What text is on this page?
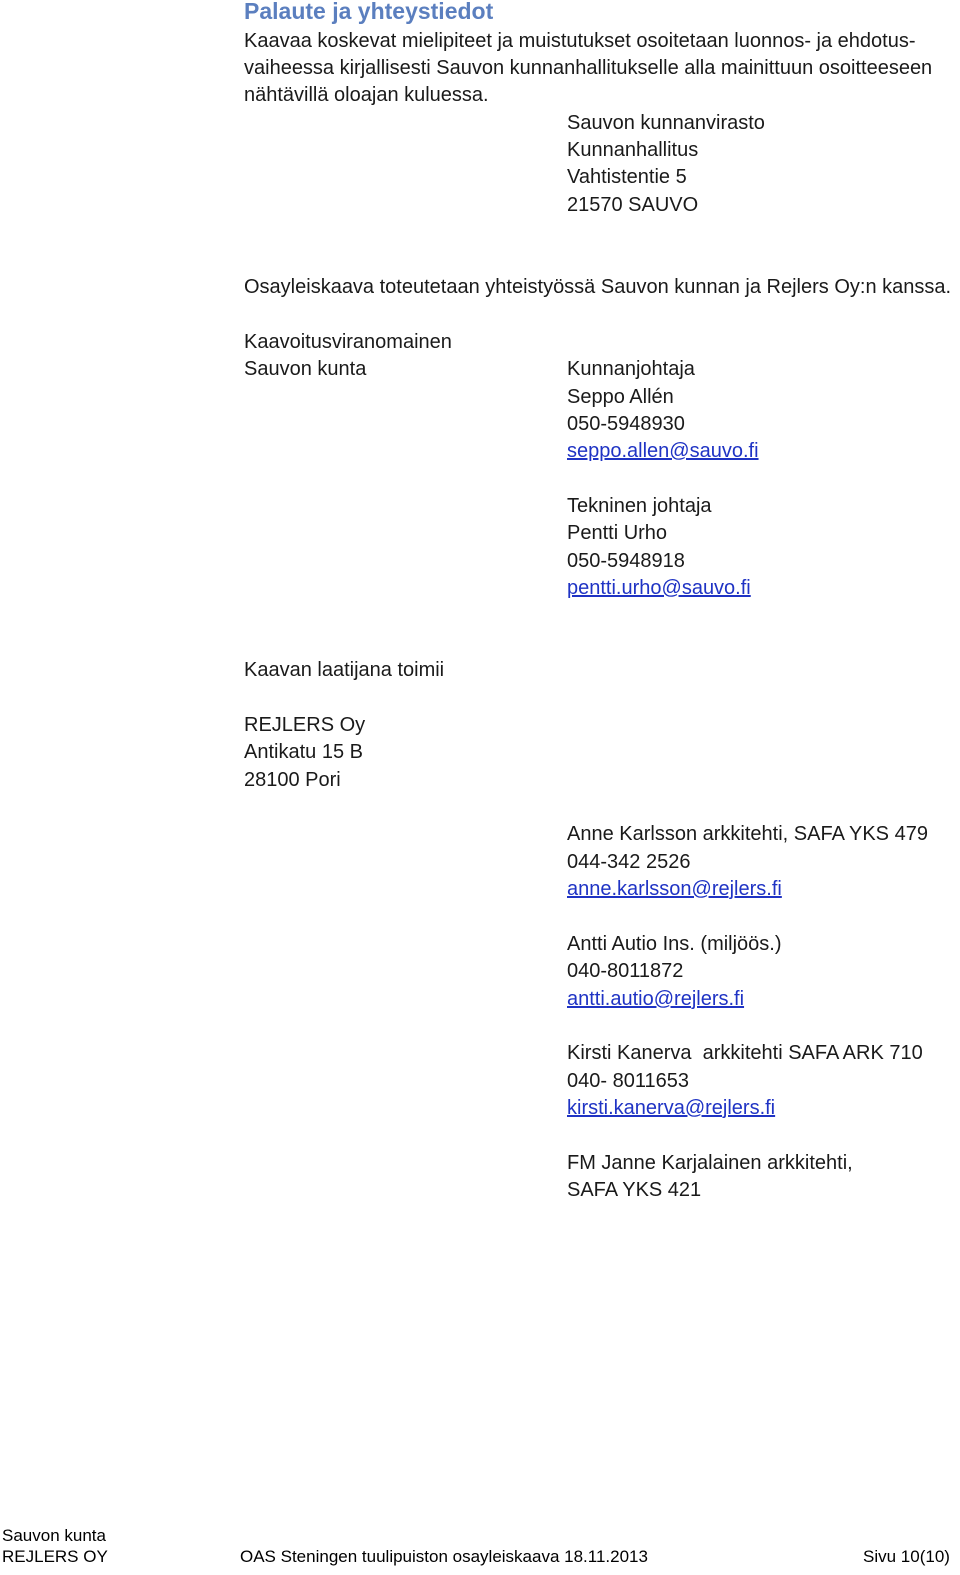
Palaute ja yhteystiedot
Kaavaa koskevat mielipiteet ja muistutukset osoitetaan luonnos- ja ehdotus-
vaiheessa kirjallisesti Sauvon kunnanhallitukselle alla mainittuun osoitteeseen
nähtävillä oloajan kuluessa.
Sauvon kunnanvirasto
Kunnanhallitus
Vahtistentie 5
21570 SAUVO
Osayleiskaava toteutetaan yhteistyössä Sauvon kunnan ja Rejlers Oy:n kanssa.
Kaavoitusviranomainen
Sauvon kunta	Kunnanjohtaja
Seppo Allén
050-5948930
seppo.allen@sauvo.fi
Tekninen johtaja
Pentti Urho
050-5948918
pentti.urho@sauvo.fi
Kaavan laatijana toimii
REJLERS Oy
Antikatu 15 B
28100 Pori
Anne Karlsson arkkitehti, SAFA YKS 479
044-342 2526
anne.karlsson@rejlers.fi
Antti Autio Ins. (miljöös.)
040-8011872
antti.autio@rejlers.fi
Kirsti Kanerva  arkkitehti SAFA ARK 710
040- 8011653
kirsti.kanerva@rejlers.fi
FM Janne Karjalainen arkkitehti,
SAFA YKS 421
Sauvon kunta
REJLERS OY	OAS Steningen tuulipuiston osayleiskaava 18.11.2013	Sivu 10(10)
